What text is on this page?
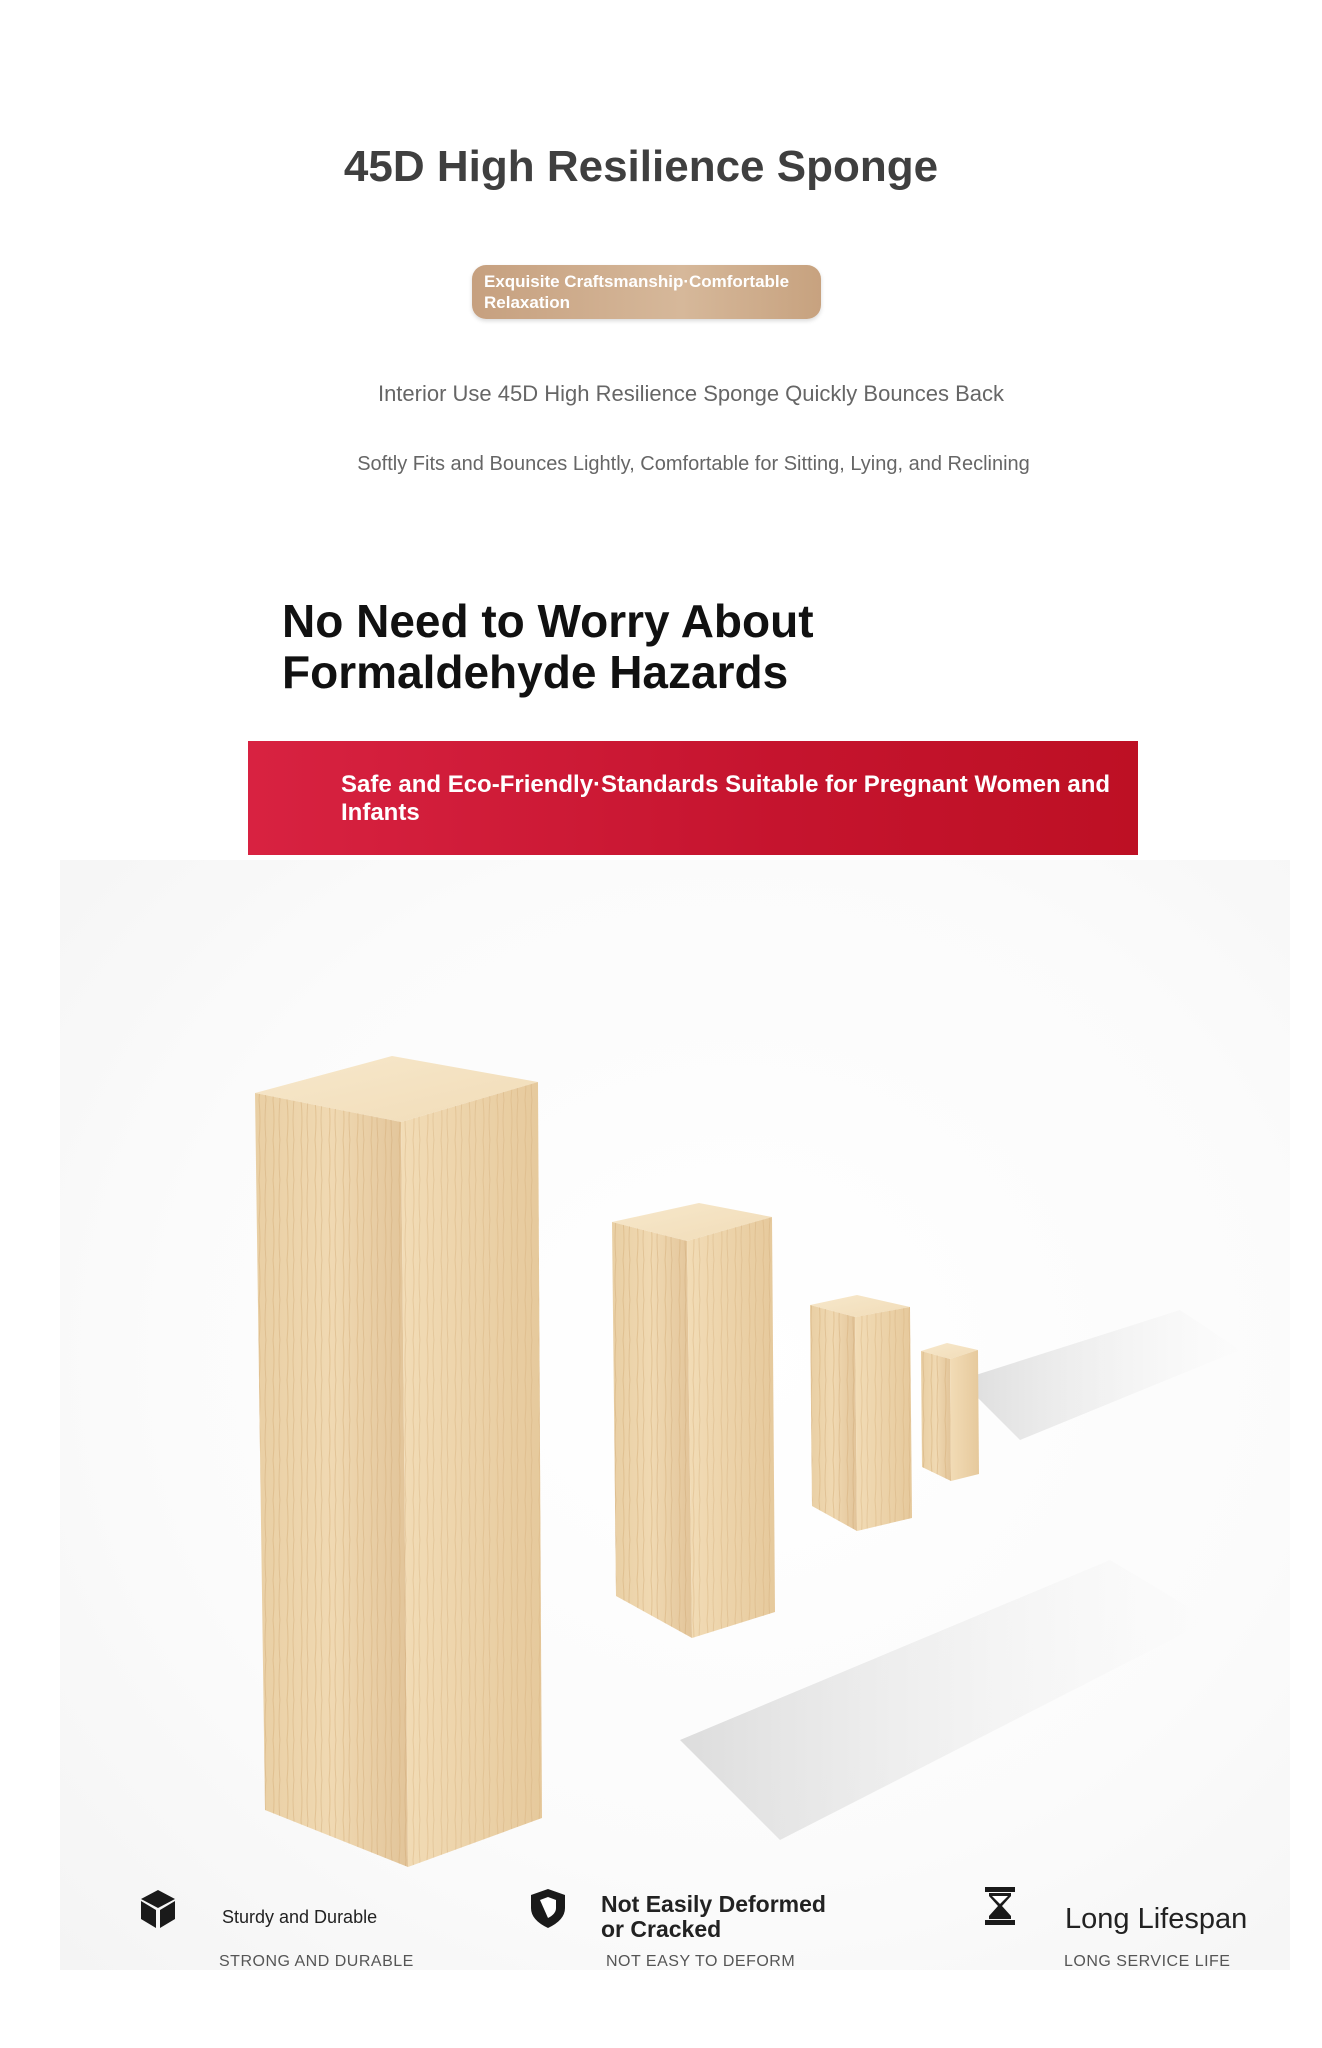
45D High Resilience Sponge
Exquisite Craftsmanship·Comfortable Relaxation
Interior Use 45D High Resilience Sponge Quickly Bounces Back
Softly Fits and Bounces Lightly, Comfortable for Sitting, Lying, and Reclining
No Need to Worry About Formaldehyde Hazards
Safe and Eco-Friendly·Standards Suitable for Pregnant Women and Infants
Sturdy and Durable
STRONG AND DURABLE
Not Easily Deformed or Cracked
NOT EASY TO DEFORM
Long Lifespan
LONG SERVICE LIFE
